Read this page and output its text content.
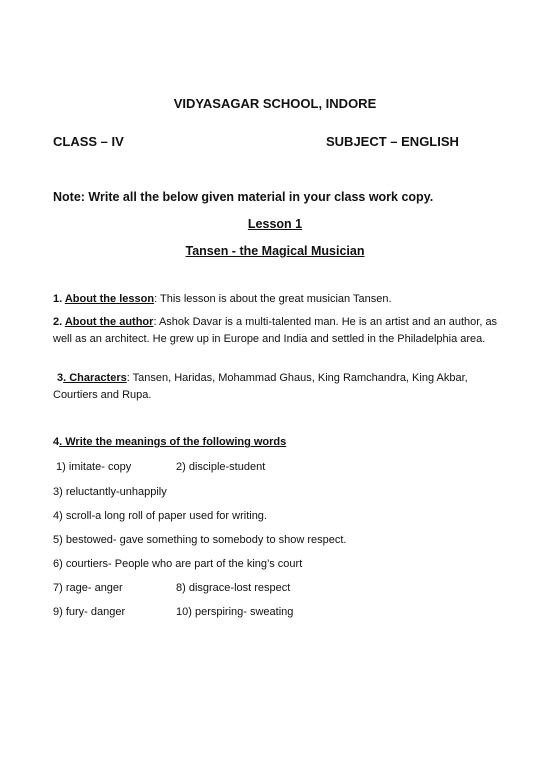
VIDYASAGAR SCHOOL, INDORE
CLASS – IV	SUBJECT – ENGLISH
Note: Write all the below given material in your class work copy.
Lesson 1
Tansen - the Magical Musician
1. About the lesson: This lesson is about the great musician Tansen.
2. About the author: Ashok Davar is a multi-talented man. He is an artist and an author, as well as an architect. He grew up in Europe and India and settled in the Philadelphia area.
3. Characters: Tansen, Haridas, Mohammad Ghaus, King Ramchandra, King Akbar, Courtiers and Rupa.
4. Write the meanings of the following words
1) imitate- copy	2) disciple-student
3) reluctantly-unhappily
4) scroll-a long roll of paper used for writing.
5) bestowed- gave something to somebody to show respect.
6) courtiers- People who are part of the king’s court
7) rage- anger	8) disgrace-lost respect
9) fury- danger	10) perspiring- sweating
